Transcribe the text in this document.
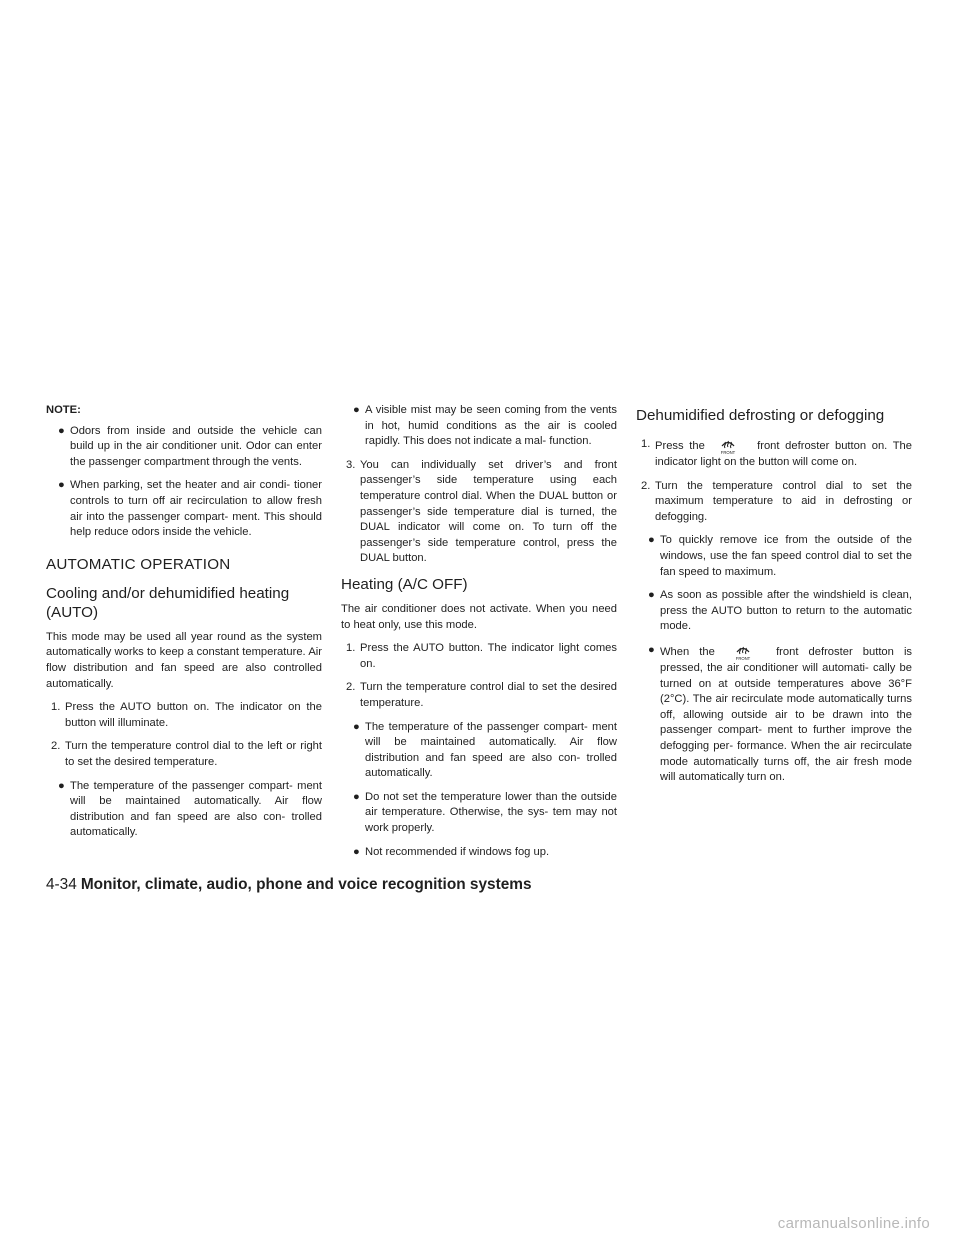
NOTE:
● Odors from inside and outside the vehicle can build up in the air conditioner unit. Odor can enter the passenger compartment through the vents.
● When parking, set the heater and air condi- tioner controls to turn off air recirculation to allow fresh air into the passenger compart- ment. This should help reduce odors inside the vehicle.
AUTOMATIC OPERATION
Cooling and/or dehumidified heating (AUTO)

This mode may be used all year round as the system automatically works to keep a constant temperature. Air flow distribution and fan speed are also controlled automatically.

1. Press the AUTO button on. The indicator on the button will illuminate.
2. Turn the temperature control dial to the left or right to set the desired temperature.
● The temperature of the passenger compart- ment will be maintained automatically. Air flow distribution and fan speed are also con- trolled automatically.
● A visible mist may be seen coming from the vents in hot, humid conditions as the air is cooled rapidly. This does not indicate a mal- function.
3. You can individually set driver’s and front passenger’s side temperature using each temperature control dial. When the DUAL button or passenger’s side temperature dial is turned, the DUAL indicator will come on. To turn off the passenger’s side temperature control, press the DUAL button.
Heating (A/C OFF)

The air conditioner does not activate. When you need to heat only, use this mode.

1. Press the AUTO button. The indicator light comes on.
2. Turn the temperature control dial to set the desired temperature.
● The temperature of the passenger compart- ment will be maintained automatically. Air flow distribution and fan speed are also con- trolled automatically.
● Do not set the temperature lower than the outside air temperature. Otherwise, the sys- tem may not work properly.
● Not recommended if windows fog up.
Dehumidified defrosting or defogging
1. Press the
FRONT
front defroster button on. The indicator light on the button will come on.
2. Turn the temperature control dial to set the maximum temperature to aid in defrosting or defogging.
● To quickly remove ice from the outside of the windows, use the fan speed control dial to set the fan speed to maximum.
● As soon as possible after the windshield is clean, press the AUTO button to return to the automatic mode.
● When the
FRONT
front defroster button is pressed, the air conditioner will automati- cally be turned on at outside temperatures above 36°F (2°C). The air recirculate mode automatically turns off, allowing outside air to be drawn into the passenger compart- ment to further improve the defogging per- formance. When the air recirculate mode automatically turns off, the air fresh mode will automatically turn on.
4-34 Monitor, climate, audio, phone and voice recognition systems
carmanualsonline.info
